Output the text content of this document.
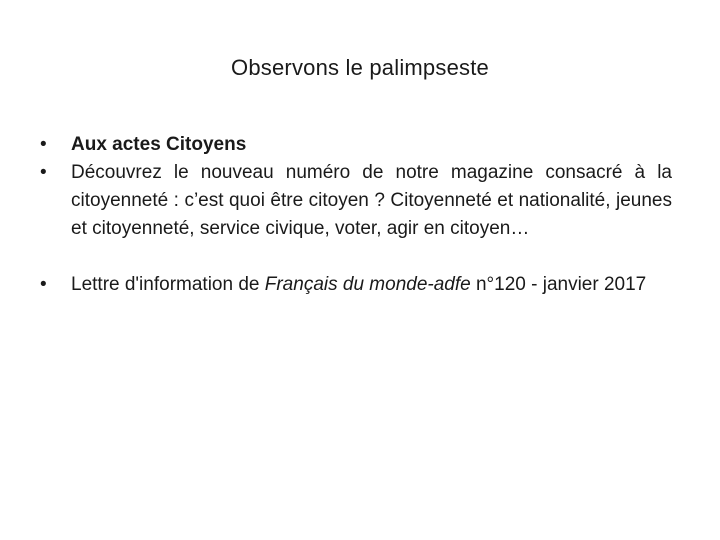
Observons le palimpseste
•	Aux actes Citoyens
•	Découvrez le nouveau numéro de notre magazine consacré à la citoyenneté : c’est quoi être citoyen ? Citoyenneté et nationalité, jeunes et citoyenneté, service civique, voter, agir en citoyen…
•	Lettre d'information de Français du monde-adfe n°120 - janvier 2017
